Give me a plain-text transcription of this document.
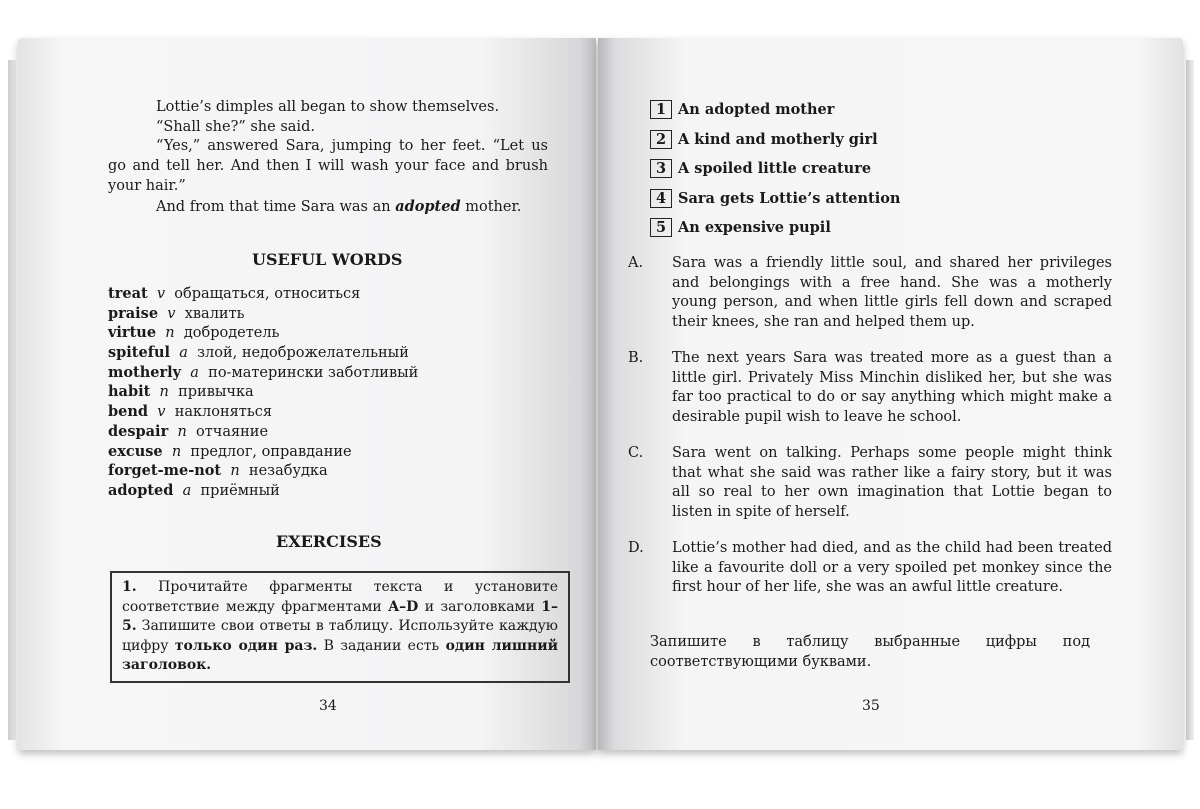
Lottie’s dimples all began to show themselves.

“Shall she?” she said.

“Yes,” answered Sara, jumping to her feet. “Let us go and tell her. And then I will wash your face and brush your hair.”

And from that time Sara was an adopted mother.

USEFUL WORDS
treat v обращаться, относиться
praise v хвалить
virtue n добродетель
spiteful a злой, недоброжелательный
motherly a по-матерински заботливый
habit n привычка
bend v наклоняться
despair n отчаяние
excuse n предлог, оправдание
forget-me-not n незабудка
adopted a приёмный
EXERCISES
1. Прочитайте фрагменты текста и установите соответствие между фрагментами A–D и заголовками 1–5. Запишите свои ответы в таблицу. Используйте каждую цифру только один раз. В задании есть один лишний заголовок.
34
1 An adopted mother
2 A kind and motherly girl
3 A spoiled little creature
4 Sara gets Lottie’s attention
5 An expensive pupil
A. Sara was a friendly little soul, and shared her privileges and belongings with a free hand. She was a motherly young person, and when little girls fell down and scraped their knees, she ran and helped them up.
B. The next years Sara was treated more as a guest than a little girl. Privately Miss Minchin disliked her, but she was far too practical to do or say anything which might make a desirable pupil wish to leave he school.
C. Sara went on talking. Perhaps some people might think that what she said was rather like a fairy story, but it was all so real to her own imagination that Lottie began to listen in spite of herself.
D. Lottie’s mother had died, and as the child had been treated like a favourite doll or a very spoiled pet monkey since the first hour of her life, she was an awful little creature.
Запишите в таблицу выбранные цифры под соответствующими буквами.
35
